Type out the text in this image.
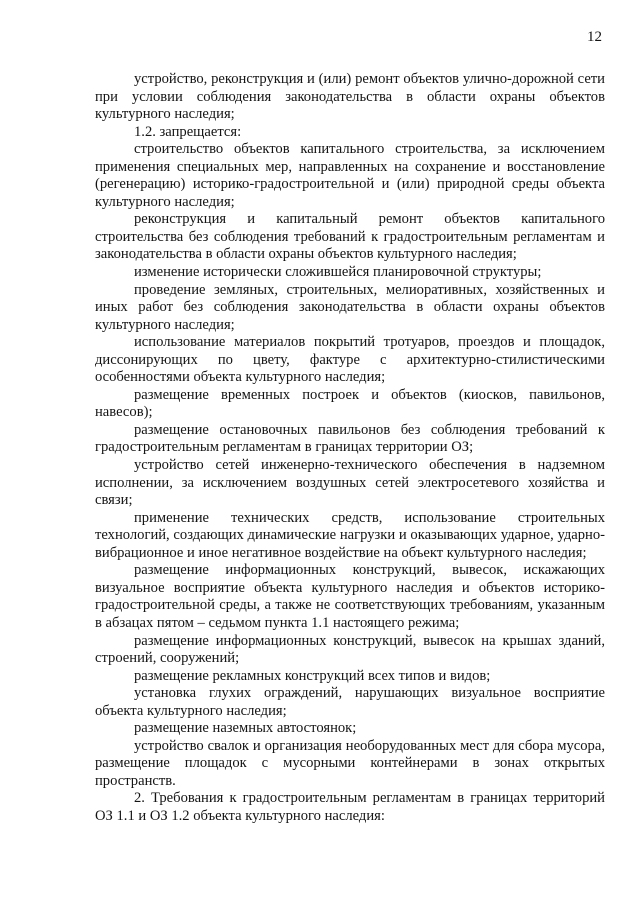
12

устройство, реконструкция и (или) ремонт объектов улично-дорожной сети при условии соблюдения законодательства в области охраны объектов культурного наследия;

1.2. запрещается:

строительство объектов капитального строительства, за исключением применения специальных мер, направленных на сохранение и восстановление (регенерацию) историко-градостроительной и (или) природной среды объекта культурного наследия;

реконструкция и капитальный ремонт объектов капитального строительства без соблюдения требований к градостроительным регламентам и законодательства в области охраны объектов культурного наследия;

изменение исторически сложившейся планировочной структуры;

проведение земляных, строительных, мелиоративных, хозяйственных и иных работ без соблюдения законодательства в области охраны объектов культурного наследия;

использование материалов покрытий тротуаров, проездов и площадок, диссонирующих по цвету, фактуре с архитектурно-стилистическими особенностями объекта культурного наследия;

размещение временных построек и объектов (киосков, павильонов, навесов);

размещение остановочных павильонов без соблюдения требований к градостроительным регламентам в границах территории ОЗ;

устройство сетей инженерно-технического обеспечения в надземном исполнении, за исключением воздушных сетей электросетевого хозяйства и связи;

применение технических средств, использование строительных технологий, создающих динамические нагрузки и оказывающих ударное, ударно-вибрационное и иное негативное воздействие на объект культурного наследия;

размещение информационных конструкций, вывесок, искажающих визуальное восприятие объекта культурного наследия и объектов историко-градостроительной среды, а также не соответствующих требованиям, указанным в абзацах пятом – седьмом пункта 1.1 настоящего режима;

размещение информационных конструкций, вывесок на крышах зданий, строений, сооружений;

размещение рекламных конструкций всех типов и видов;

установка глухих ограждений, нарушающих визуальное восприятие объекта культурного наследия;

размещение наземных автостоянок;

устройство свалок и организация необорудованных мест для сбора мусора, размещение площадок с мусорными контейнерами в зонах открытых пространств.

2. Требования к градостроительным регламентам в границах территорий ОЗ 1.1 и ОЗ 1.2 объекта культурного наследия:
